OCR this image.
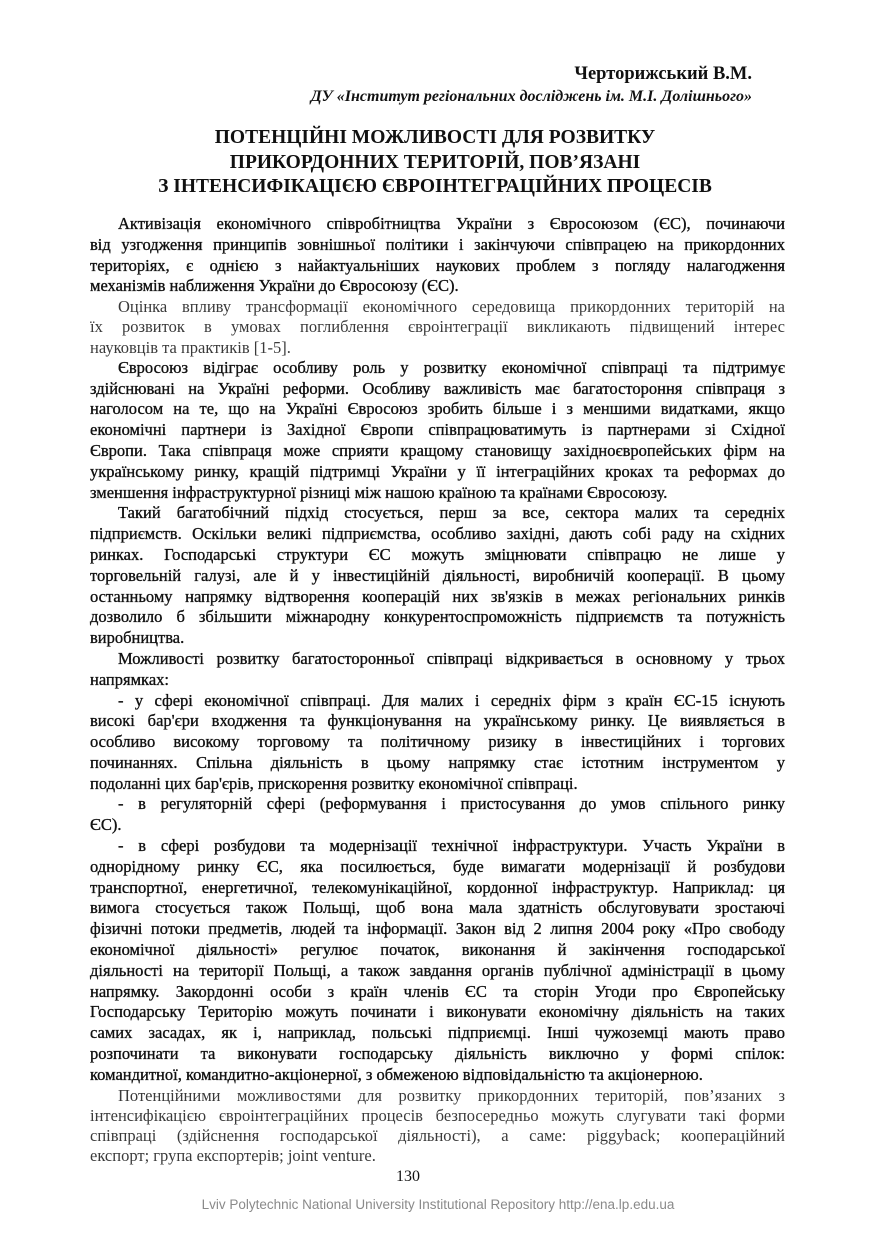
Черторижський В.М.
ДУ «Інститут регіональних досліджень ім. М.І. Долішнього»
ПОТЕНЦІЙНІ МОЖЛИВОСТІ ДЛЯ РОЗВИТКУ
ПРИКОРДОННИХ ТЕРИТОРІЙ, ПОВ’ЯЗАНІ
З ІНТЕНСИФІКАЦІЄЮ ЄВРОІНТЕГРАЦІЙНИХ ПРОЦЕСІВ
Активізація економічного співробітництва України з Євросоюзом (ЄС), починаючи
від узгодження принципів зовнішньої політики і закінчуючи співпрацею на прикордонних
територіях, є однією з найактуальніших наукових проблем з погляду налагодження
механізмів наближення України до Євросоюзу (ЄС).
Оцінка впливу трансформації економічного середовища прикордонних територій на
їх розвиток в умовах поглиблення євроінтеграції викликають підвищений інтерес
науковців та практиків [1-5].
Євросоюз відіграє особливу роль у розвитку економічної співпраці та підтримує
здійснювані на Україні реформи. Особливу важливість має багатостороння співпраця з
наголосом на те, що на Україні Євросоюз зробить більше і з меншими видатками, якщо
економічні партнери із Західної Європи співпрацюватимуть із партнерами зі Східної
Європи. Така співпраця може сприяти кращому становищу західноєвропейських фірм на
українському ринку, кращій підтримці України у її інтеграційних кроках та реформах до
зменшення інфраструктурної різниці між нашою країною та країнами Євросоюзу.
Такий багатобічний підхід стосується, перш за все, сектора малих та середніх
підприємств. Оскільки великі підприємства, особливо західні, дають собі раду на східних
ринках. Господарські структури ЄС можуть зміцнювати співпрацю не лише у
торговельній галузі, але й у інвестиційній діяльності, виробничій кооперації. В цьому
останньому напрямку відтворення кооперацій них зв'язків в межах регіональних ринків
дозволило б збільшити міжнародну конкурентоспроможність підприємств та потужність
виробництва.
Можливості розвитку багатосторонньої співпраці відкривається в основному у трьох
напрямках:
- у сфері економічної співпраці. Для малих і середніх фірм з країн ЄС-15 існують
високі бар'єри входження та функціонування на українському ринку. Це виявляється в
особливо високому торговому та політичному ризику в інвестиційних і торгових
починаннях. Спільна діяльність в цьому напрямку стає істотним інструментом у
подоланні цих бар'єрів, прискорення розвитку економічної співпраці.
- в регуляторній сфері (реформування і пристосування до умов спільного ринку
ЄС).
- в сфері розбудови та модернізації технічної інфраструктури. Участь України в
однорідному ринку ЄС, яка посилюється, буде вимагати модернізації й розбудови
транспортної, енергетичної, телекомунікаційної, кордонної інфраструктур. Наприклад: ця
вимога стосується також Польщі, щоб вона мала здатність обслуговувати зростаючі
фізичні потоки предметів, людей та інформації. Закон від 2 липня 2004 року «Про свободу
економічної діяльності» регулює початок, виконання й закінчення господарської
діяльності на території Польщі, а також завдання органів публічної адміністрації в цьому
напрямку. Закордонні особи з країн членів ЄС та сторін Угоди про Європейську
Господарську Територію можуть починати і виконувати економічну діяльність на таких
самих засадах, як і, наприклад, польські підприємці. Інші чужоземці мають право
розпочинати та виконувати господарську діяльність виключно у формі спілок:
командитної, командитно-акціонерної, з обмеженою відповідальністю та акціонерною.
Потенційними можливостями для розвитку прикордонних територій, пов’язаних з
інтенсифікацією євроінтеграційних процесів безпосередньо можуть слугувати такі форми
співпраці (здійснення господарської діяльності), а саме: piggyback; коопераційний
експорт; група експортерів; joint venture.
130
Lviv Polytechnic National University Institutional Repository http://ena.lp.edu.ua
